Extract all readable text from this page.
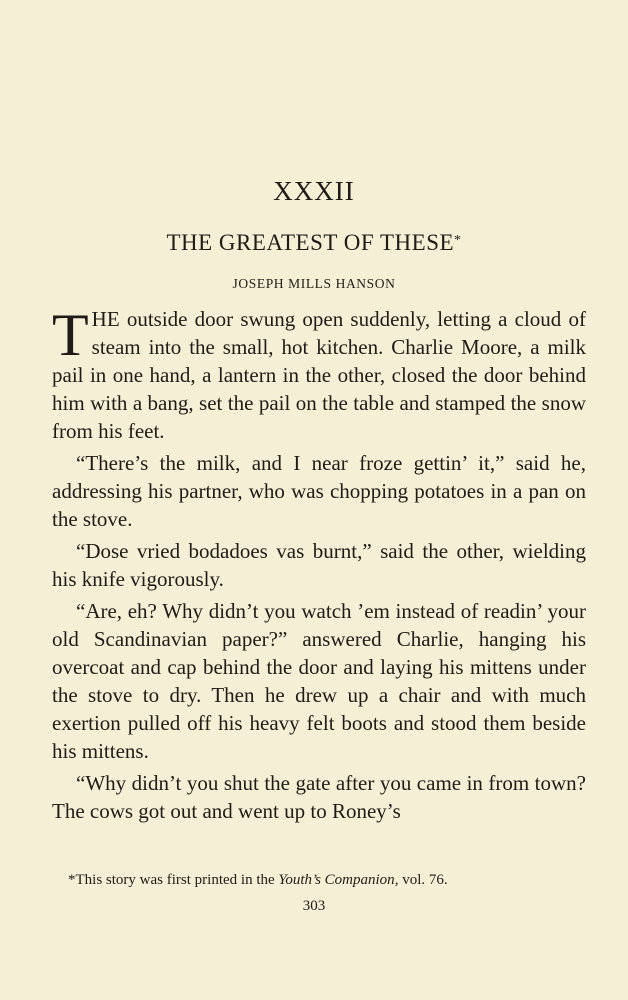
XXXII
THE GREATEST OF THESE*
JOSEPH MILLS HANSON

THE outside door swung open suddenly, letting a cloud of steam into the small, hot kitchen. Charlie Moore, a milk pail in one hand, a lantern in the other, closed the door behind him with a bang, set the pail on the table and stamped the snow from his feet.

“There’s the milk, and I near froze gettin’ it,” said he, addressing his partner, who was chopping potatoes in a pan on the stove.

“Dose vried bodadoes vas burnt,” said the other, wielding his knife vigorously.

“Are, eh? Why didn’t you watch ’em instead of readin’ your old Scandinavian paper?” answered Charlie, hanging his overcoat and cap behind the door and laying his mittens under the stove to dry. Then he drew up a chair and with much exertion pulled off his heavy felt boots and stood them beside his mittens.

“Why didn’t you shut the gate after you came in from town? The cows got out and went up to Roney’s

*This story was first printed in the Youth’s Companion, vol. 76.
303
